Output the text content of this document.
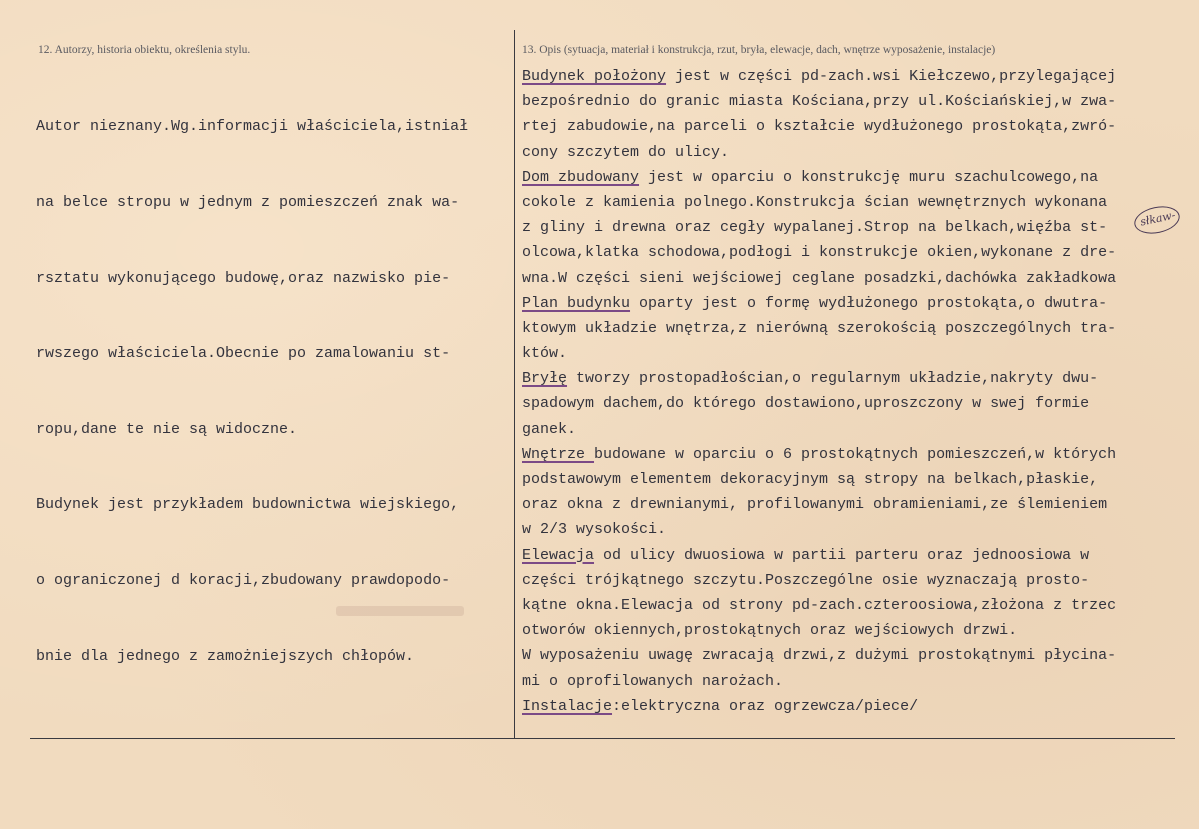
12. Autorzy, historia obiektu, określenia stylu.	13. Opis (sytuacja, materiał i konstrukcja, rzut, bryła, elewacje, dach, wnętrze wyposażenie, instalacje)

Autor nieznany.Wg.informacji właściciela,istniał

na belce stropu w jednym z pomieszczeń znak wa-

rsztatu wykonującego budowę,oraz nazwisko pie-

rwszego właściciela.Obecnie po zamalowaniu st-

ropu,dane te nie są widoczne.

Budynek jest przykładem budownictwa wiejskiego,

o ograniczonej d koracji,zbudowany prawdopodo-

bnie dla jednego z zamożniejszych chłopów.

Budynek położony jest w części pd-zach.wsi Kiełczewo,przylegającej
bezpośrednio do granic miasta Kościana,przy ul.Kościańskiej,w zwa-
rtej zabudowie,na parceli o kształcie wydłużonego prostokąta,zwró-
cony szczytem do ulicy.
Dom zbudowany jest w oparciu o konstrukcję muru szachulcowego,na
cokole z kamienia polnego.Konstrukcja ścian wewnętrznych wykonana
z gliny i drewna oraz cegły wypalanej.Strop na belkach,więźba st-
olcowa,klatka schodowa,podłogi i konstrukcje okien,wykonane z dre-
wna.W części sieni wejściowej ceglane posadzki,dachówka zakładkowa
Plan budynku oparty jest o formę wydłużonego prostokąta,o dwutra-
ktowym układzie wnętrza,z nierówną szerokością poszczególnych tra-
któw.
Bryłę tworzy prostopadłościan,o regularnym układzie,nakryty dwu-
spadowym dachem,do którego dostawiono,uproszczony w swej formie
ganek.
Wnętrze budowane w oparciu o 6 prostokątnych pomieszczeń,w których
podstawowym elementem dekoracyjnym są stropy na belkach,płaskie,
oraz okna z drewnianymi, profilowanymi obramieniami,ze ślemieniem
w 2/3 wysokości.
Elewacja od ulicy dwuosiowa w partii parteru oraz jednoosiowa w
części trójkątnego szczytu.Poszczególne osie wyznaczają prosto-
kątne okna.Elewacja od strony pd-zach.czteroosiowa,złożona z trzec
otworów okiennych,prostokątnych oraz wejściowych drzwi.
W wyposażeniu uwagę zwracają drzwi,z dużymi prostokątnymi płycina-
mi o oprofilowanych narożach.
Instalacje:elektryczna oraz ogrzewcza/piece/
słkaw-
